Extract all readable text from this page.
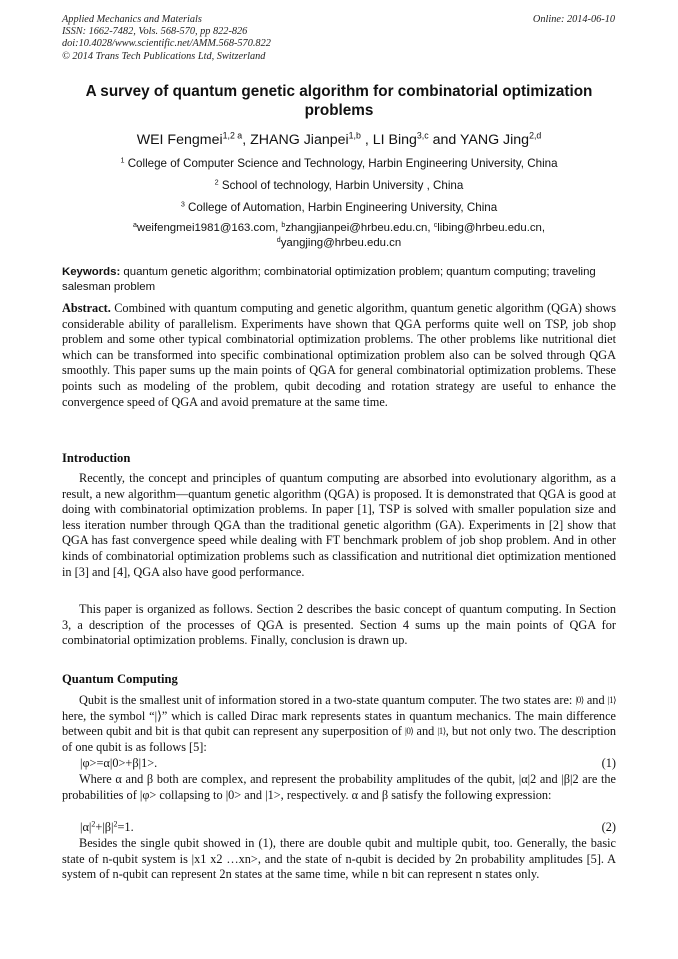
Applied Mechanics and Materials
ISSN: 1662-7482, Vols. 568-570, pp 822-826
doi:10.4028/www.scientific.net/AMM.568-570.822
© 2014 Trans Tech Publications Ltd, Switzerland
Online: 2014-06-10
A survey of quantum genetic algorithm for combinatorial optimization problems
WEI Fengmei$^{1,2 a}$, ZHANG Jianpei$^{1,b}$ , LI Bing$^{3,c}$ and YANG Jing$^{2,d}$
$^1$ College of Computer Science and Technology, Harbin Engineering University, China
$^2$ School of technology, Harbin University , China
$^3$ College of Automation, Harbin Engineering University, China
$^a$weifengmei1981@163.com, $^b$zhangjianpei@hrbeu.edu.cn, $^c$libing@hrbeu.edu.cn,
$^d$yangjing@hrbeu.edu.cn
Keywords: quantum genetic algorithm; combinatorial optimization problem; quantum computing; traveling salesman problem
Abstract. Combined with quantum computing and genetic algorithm, quantum genetic algorithm (QGA) shows considerable ability of parallelism. Experiments have shown that QGA performs quite well on TSP, job shop problem and some other typical combinatorial optimization problems. The other problems like nutritional diet which can be transformed into specific combinational optimization problem also can be solved through QGA smoothly. This paper sums up the main points of QGA for general combinatorial optimization problems. These points such as modeling of the problem, qubit decoding and rotation strategy are useful to enhance the convergence speed of QGA and avoid premature at the same time.
Introduction
Recently, the concept and principles of quantum computing are absorbed into evolutionary algorithm, as a result, a new algorithm—quantum genetic algorithm (QGA) is proposed. It is demonstrated that QGA is good at doing with combinatorial optimization problems. In paper [1], TSP is solved with smaller population size and less iteration number through QGA than the traditional genetic algorithm (GA). Experiments in [2] show that QGA has fast convergence speed while dealing with FT benchmark problem of job shop problem. And in other kinds of combinatorial optimization problems such as classification and nutritional diet optimization mentioned in [3] and [4], QGA also have good performance.
This paper is organized as follows. Section 2 describes the basic concept of quantum computing. In Section 3, a description of the processes of QGA is presented. Section 4 sums up the main points of QGA for combinatorial optimization problems. Finally, conclusion is drawn up.
Quantum Computing
Qubit is the smallest unit of information stored in a two-state quantum computer. The two states are: |0⟩ and |1⟩ here, the symbol “|⟩” which is called Dirac mark represents states in quantum mechanics. The main difference between qubit and bit is that qubit can represent any superposition of |0⟩ and |1⟩, but not only two. The description of one qubit is as follows [5]:
|φ>=α|0>+β|1>.	(1)
Where α and β both are complex, and represent the probability amplitudes of the qubit, |α|2 and |β|2 are the probabilities of |φ> collapsing to |0> and |1>, respectively. α and β satisfy the following expression:
$|\alpha|^2+|\beta|^2=1$.	(2)
Besides the single qubit showed in (1), there are double qubit and multiple qubit, too. Generally, the basic state of n-qubit system is |x1 x2 …xn>, and the state of n-qubit is decided by 2n probability amplitudes [5]. A system of n-qubit can represent 2n states at the same time, while n bit can represent n states only.
